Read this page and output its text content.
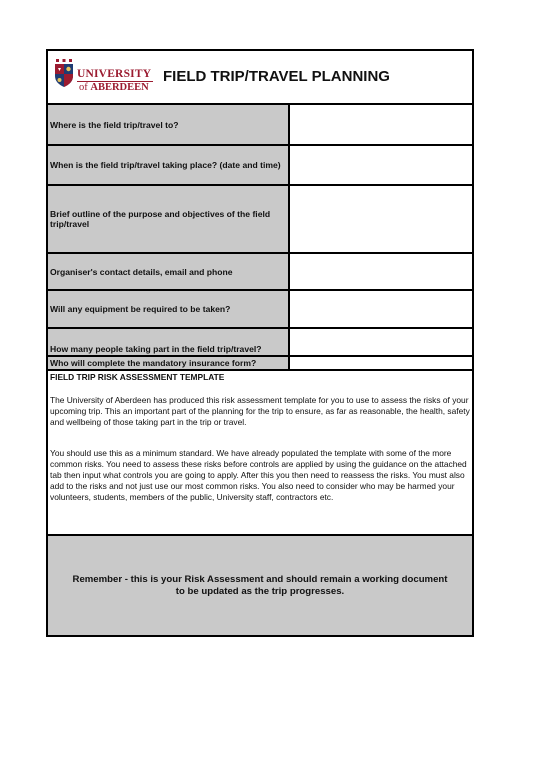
UNIVERSITY
of ABERDEEN
FIELD TRIP/TRAVEL PLANNING
Where is the field trip/travel to?
When is the field trip/travel taking place? (date and time)
Brief outline of the purpose and objectives of the field trip/travel
Organiser's contact details, email and phone
Will any equipment be required to be taken?
How many people taking part in the field trip/travel?
Who will complete the mandatory insurance form?
FIELD TRIP RISK ASSESSMENT TEMPLATE

The University of Aberdeen has produced this risk assessment template for you to use to assess the risks of your upcoming trip. This an important part of the planning for the trip to ensure, as far as reasonable, the health, safety and wellbeing of those taking part in the trip or travel.

You should use this as a minimum standard. We have already populated the template with some of the more common risks. You need to assess these risks before controls are applied by using the guidance on the attached tab then input what controls you are going to apply. After this you then need to reassess the risks. You must also add to the risks and not just use our most common risks. You also need to consider who may be harmed your volunteers, students, members of the public, University staff, contractors etc.

Remember - this is your Risk Assessment and should remain a working document to be updated as the trip progresses.
